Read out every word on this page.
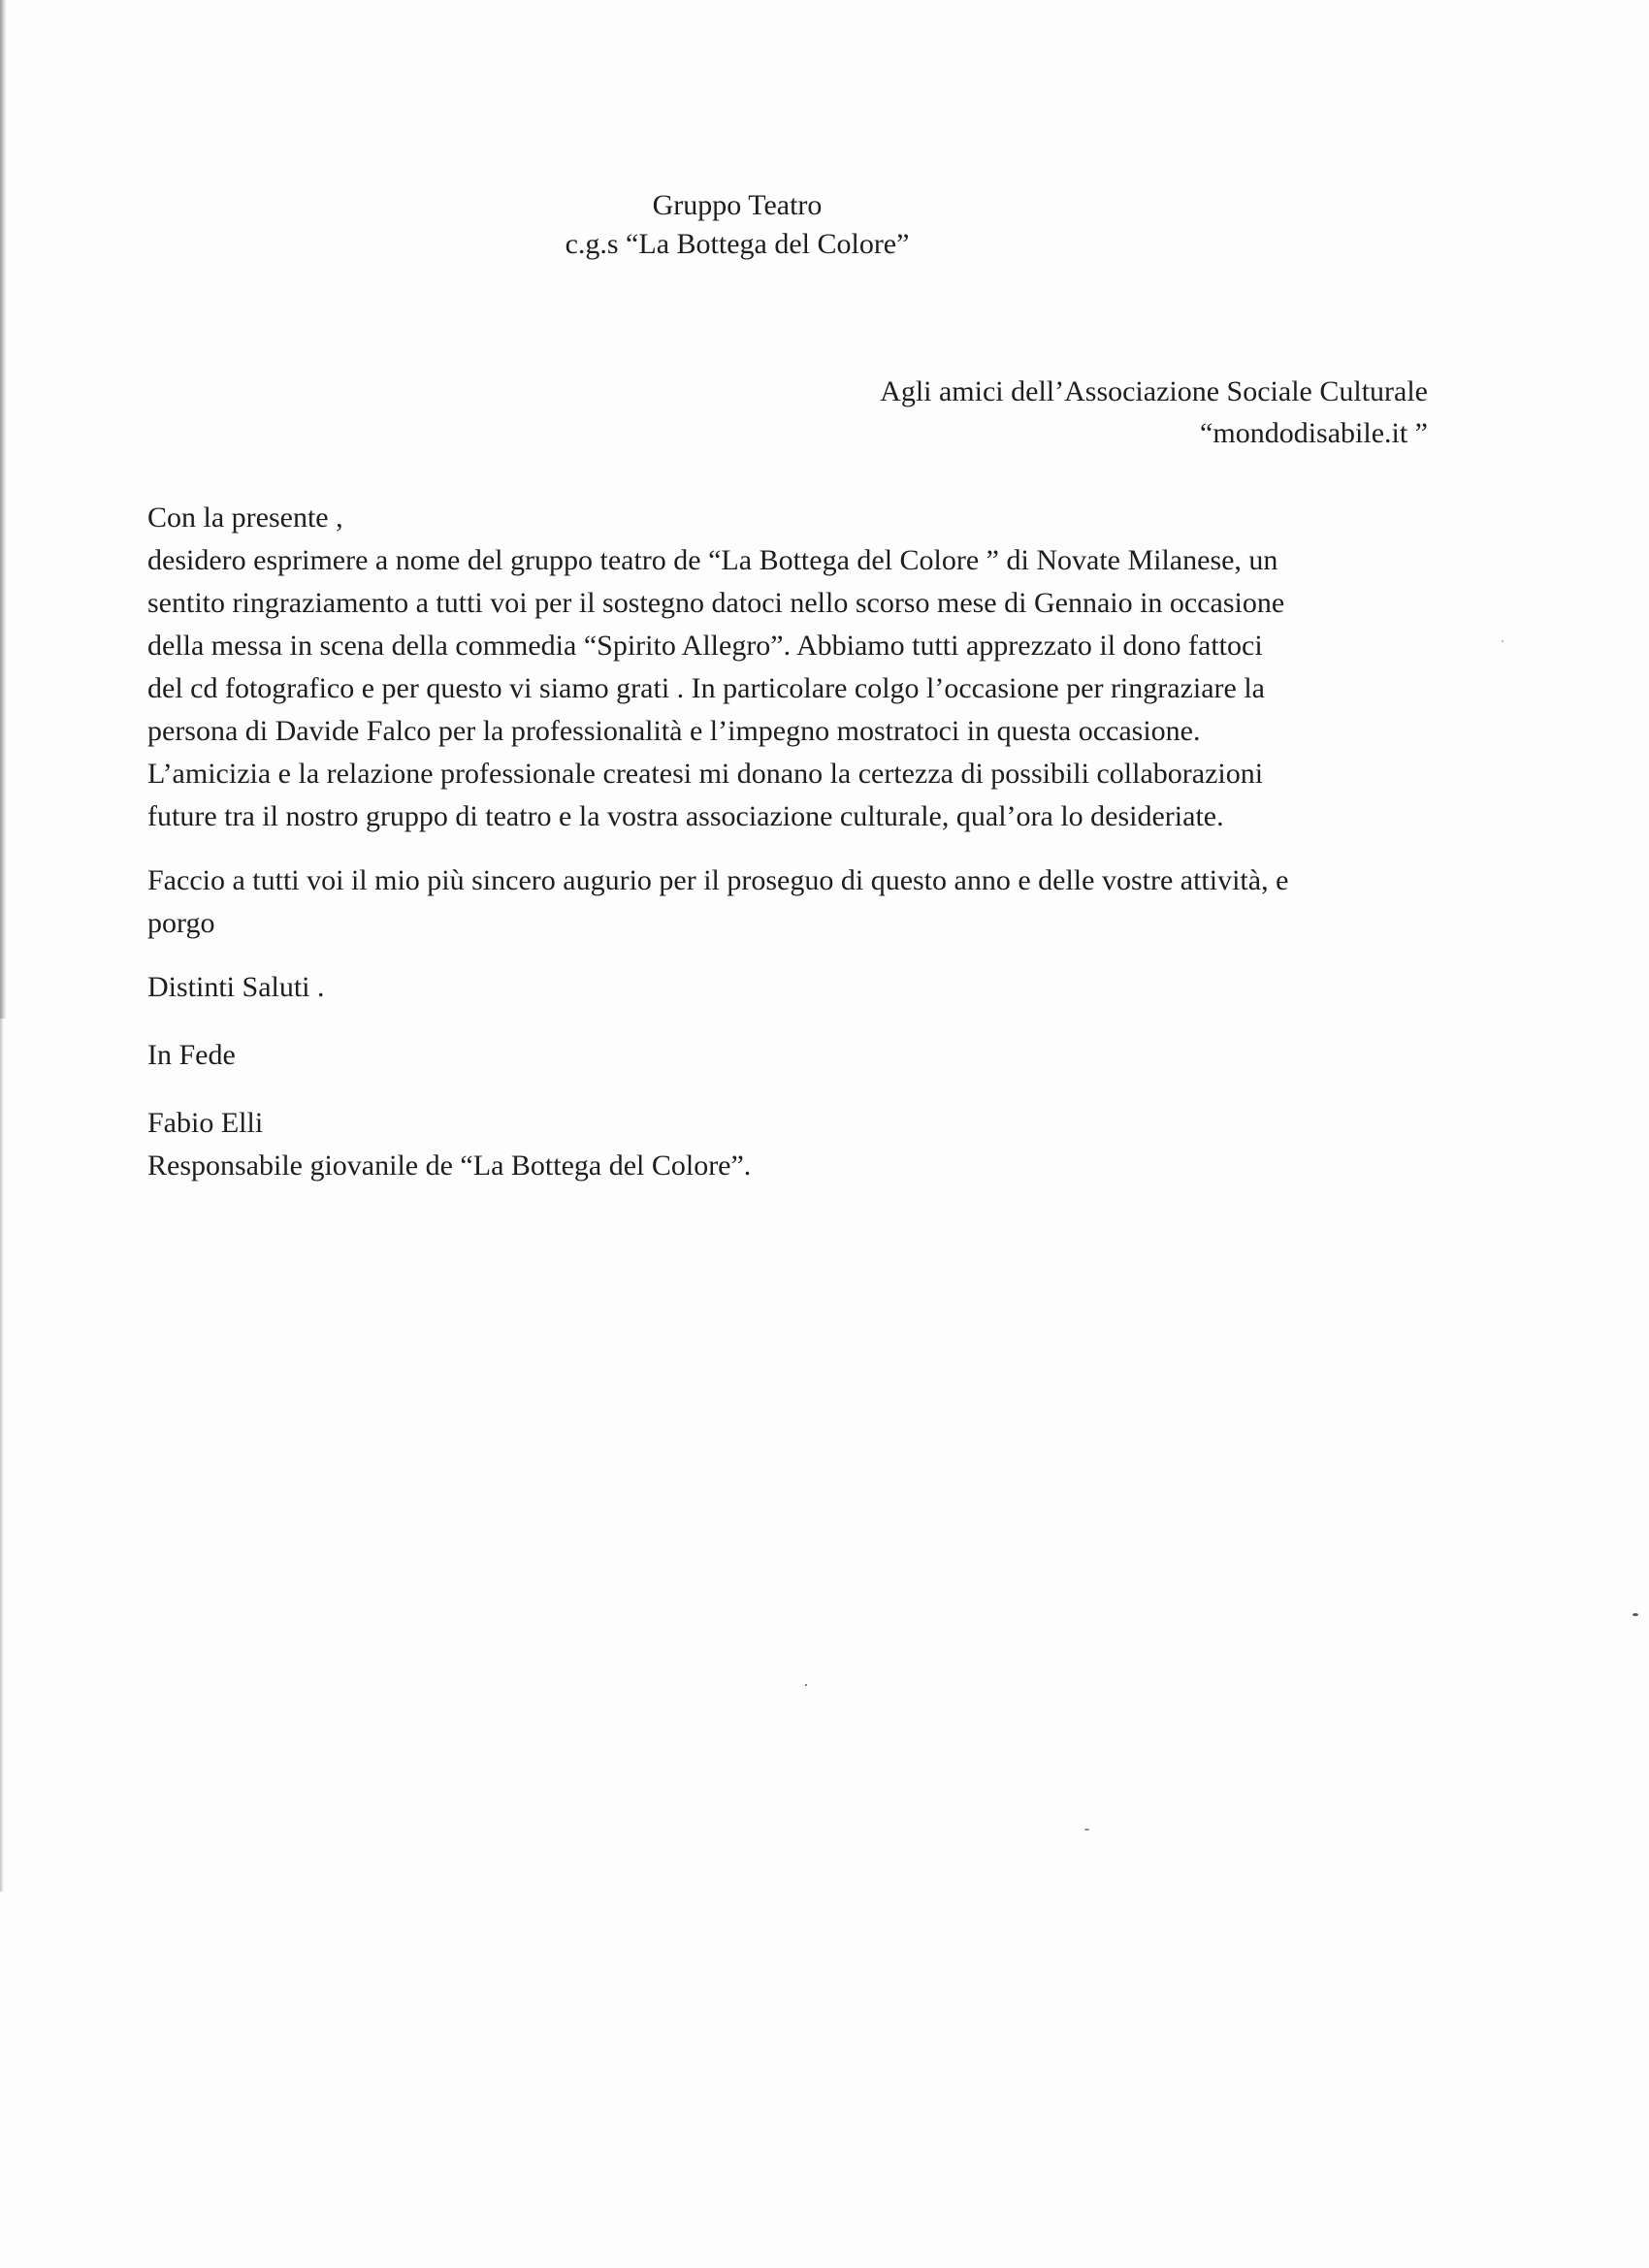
Gruppo Teatro
c.g.s “La Bottega del Colore”
Agli amici dell’Associazione Sociale Culturale
“mondodisabile.it ”

Con la presente ,

desidero esprimere a nome del gruppo teatro de “La Bottega del Colore ” di Novate Milanese, un
sentito ringraziamento a tutti voi per il sostegno datoci nello scorso mese di Gennaio in occasione
della messa in scena della commedia “Spirito Allegro”. Abbiamo tutti apprezzato il dono fattoci
del cd fotografico e per questo vi siamo grati . In particolare colgo l’occasione per ringraziare la
persona di Davide Falco per la professionalità e l’impegno mostratoci in questa occasione.
L’amicizia e la relazione professionale createsi mi donano la certezza di possibili collaborazioni
future tra il nostro gruppo di teatro e la vostra associazione culturale, qual’ora lo desideriate.

Faccio a tutti voi il mio più sincero augurio per il proseguo di questo anno e delle vostre attività, e
porgo

Distinti Saluti .

In Fede

Fabio Elli
Responsabile giovanile de “La Bottega del Colore”.
